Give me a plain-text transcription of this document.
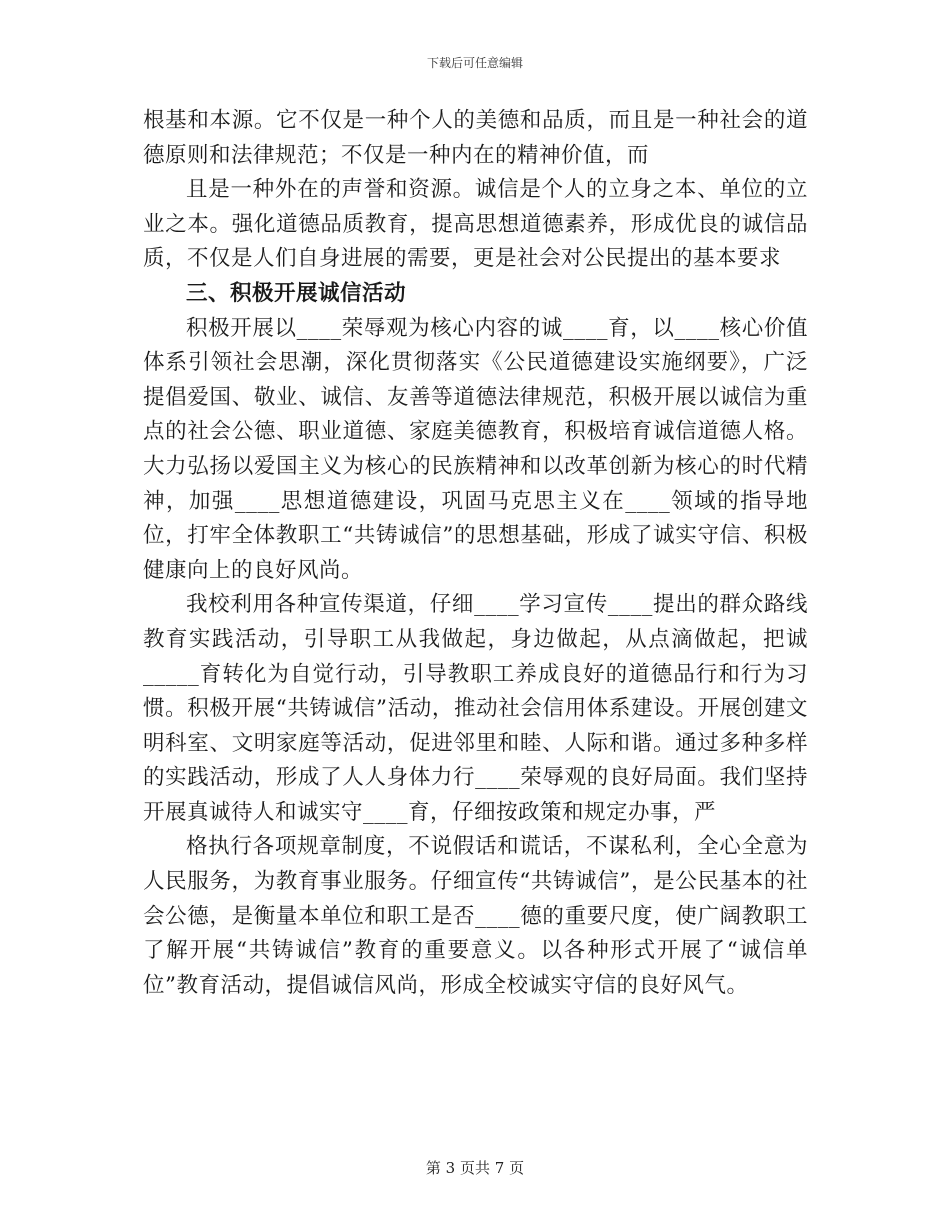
下载后可任意编辑

根基和本源。它不仅是一种个人的美德和品质，而且是一种社会的道德原则和法律规范；不仅是一种内在的精神价值，而

且是一种外在的声誉和资源。诚信是个人的立身之本、单位的立业之本。强化道德品质教育，提高思想道德素养，形成优良的诚信品质，不仅是人们自身进展的需要，更是社会对公民提出的基本要求

三、积极开展诚信活动

积极开展以____荣辱观为核心内容的诚____育，以____核心价值体系引领社会思潮，深化贯彻落实《公民道德建设实施纲要》，广泛提倡爱国、敬业、诚信、友善等道德法律规范，积极开展以诚信为重点的社会公德、职业道德、家庭美德教育，积极培育诚信道德人格。大力弘扬以爱国主义为核心的民族精神和以改革创新为核心的时代精神，加强____思想道德建设，巩固马克思主义在____领域的指导地位，打牢全体教职工“共铸诚信”的思想基础，形成了诚实守信、积极健康向上的良好风尚。

我校利用各种宣传渠道，仔细____学习宣传____提出的群众路线教育实践活动，引导职工从我做起，身边做起，从点滴做起，把诚_____育转化为自觉行动，引导教职工养成良好的道德品行和行为习惯。积极开展“共铸诚信”活动，推动社会信用体系建设。开展创建文明科室、文明家庭等活动，促进邻里和睦、人际和谐。通过多种多样的实践活动，形成了人人身体力行____荣辱观的良好局面。我们坚持开展真诚待人和诚实守____育，仔细按政策和规定办事，严

格执行各项规章制度，不说假话和谎话，不谋私利，全心全意为人民服务，为教育事业服务。仔细宣传“共铸诚信”，是公民基本的社会公德，是衡量本单位和职工是否____德的重要尺度，使广阔教职工了解开展“共铸诚信”教育的重要意义。以各种形式开展了“诚信单位”教育活动，提倡诚信风尚，形成全校诚实守信的良好风气。

第 3 页共 7 页
